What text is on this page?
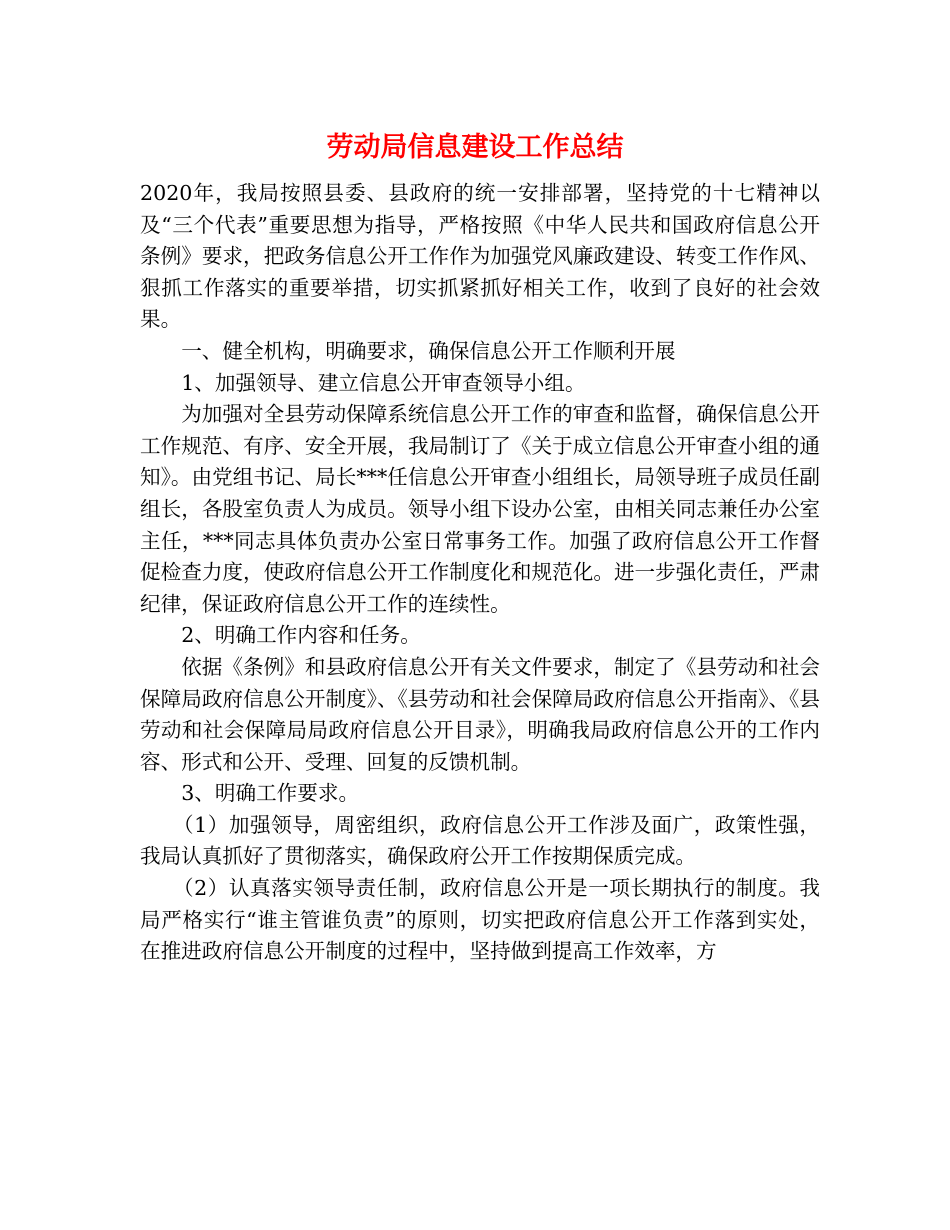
劳动局信息建设工作总结

2020年，我局按照县委、县政府的统一安排部署，坚持党的十七精神以及“三个代表”重要思想为指导，严格按照《中华人民共和国政府信息公开条例》要求，把政务信息公开工作作为加强党风廉政建设、转变工作作风、狠抓工作落实的重要举措，切实抓紧抓好相关工作，收到了良好的社会效果。

一、健全机构，明确要求，确保信息公开工作顺利开展

1、加强领导、建立信息公开审查领导小组。

为加强对全县劳动保障系统信息公开工作的审查和监督，确保信息公开工作规范、有序、安全开展，我局制订了《关于成立信息公开审查小组的通知》。由党组书记、局长***任信息公开审查小组组长，局领导班子成员任副组长，各股室负责人为成员。领导小组下设办公室，由相关同志兼任办公室主任，***同志具体负责办公室日常事务工作。加强了政府信息公开工作督促检查力度，使政府信息公开工作制度化和规范化。进一步强化责任，严肃纪律，保证政府信息公开工作的连续性。

2、明确工作内容和任务。

依据《条例》和县政府信息公开有关文件要求，制定了《县劳动和社会保障局政府信息公开制度》、《县劳动和社会保障局政府信息公开指南》、《县劳动和社会保障局局政府信息公开目录》，明确我局政府信息公开的工作内容、形式和公开、受理、回复的反馈机制。

3、明确工作要求。

（1）加强领导，周密组织，政府信息公开工作涉及面广，政策性强，我局认真抓好了贯彻落实，确保政府公开工作按期保质完成。

（2）认真落实领导责任制，政府信息公开是一项长期执行的制度。我局严格实行“谁主管谁负责”的原则，切实把政府信息公开工作落到实处，在推进政府信息公开制度的过程中，坚持做到提高工作效率，方
